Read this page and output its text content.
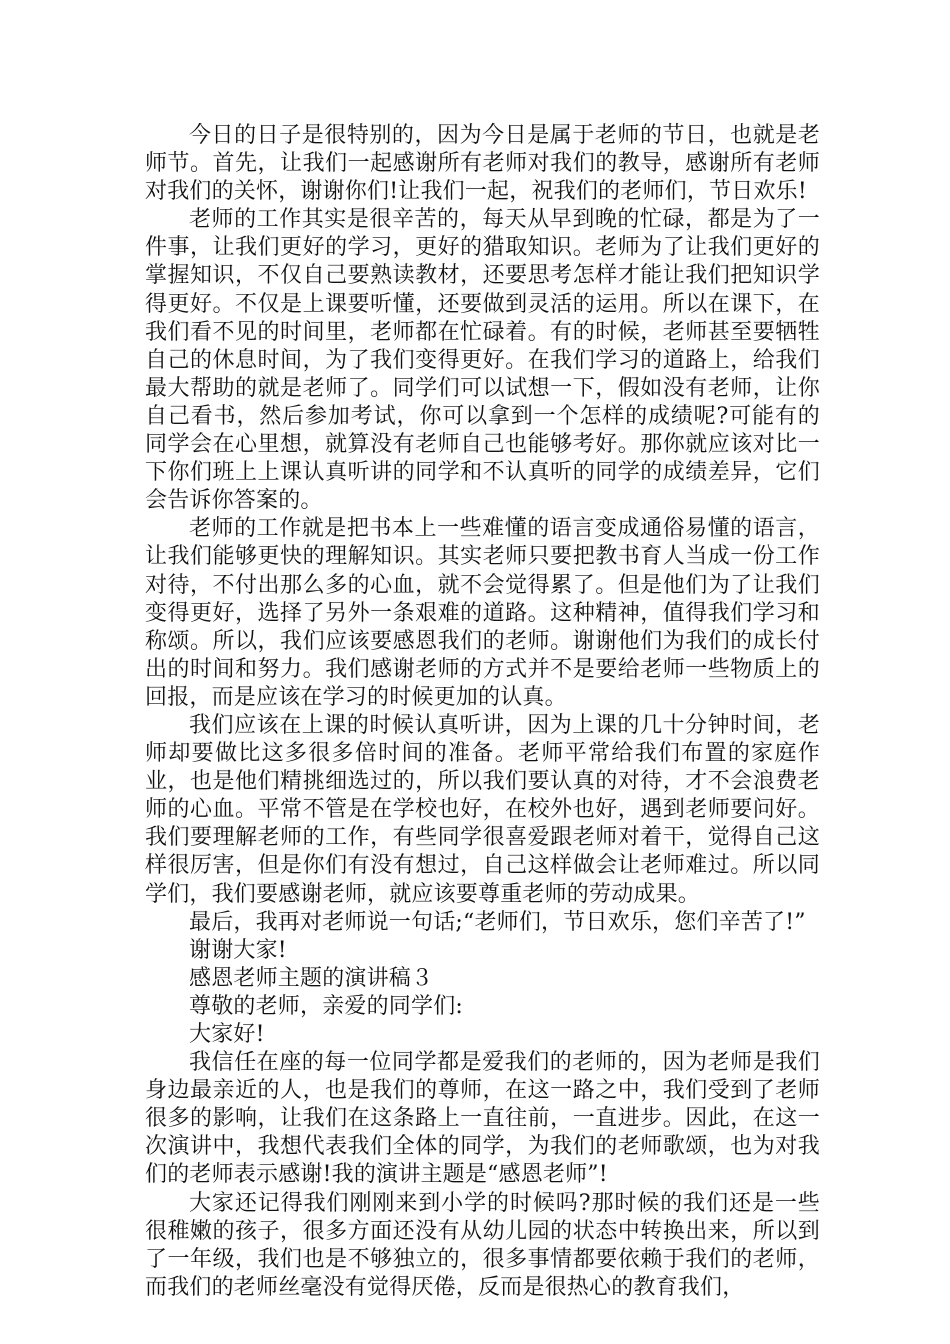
今日的日子是很特别的，因为今日是属于老师的节日，也就是老师节。首先，让我们一起感谢所有老师对我们的教导，感谢所有老师对我们的关怀，谢谢你们!让我们一起，祝我们的老师们，节日欢乐!

老师的工作其实是很辛苦的，每天从早到晚的忙碌，都是为了一件事，让我们更好的学习，更好的猎取知识。老师为了让我们更好的掌握知识，不仅自己要熟读教材，还要思考怎样才能让我们把知识学得更好。不仅是上课要听懂，还要做到灵活的运用。所以在课下，在我们看不见的时间里，老师都在忙碌着。有的时候，老师甚至要牺牲自己的休息时间，为了我们变得更好。在我们学习的道路上，给我们最大帮助的就是老师了。同学们可以试想一下，假如没有老师，让你自己看书，然后参加考试，你可以拿到一个怎样的成绩呢?可能有的同学会在心里想，就算没有老师自己也能够考好。那你就应该对比一下你们班上上课认真听讲的同学和不认真听的同学的成绩差异，它们会告诉你答案的。

老师的工作就是把书本上一些难懂的语言变成通俗易懂的语言，让我们能够更快的理解知识。其实老师只要把教书育人当成一份工作对待，不付出那么多的心血，就不会觉得累了。但是他们为了让我们变得更好，选择了另外一条艰难的道路。这种精神，值得我们学习和称颂。所以，我们应该要感恩我们的老师。谢谢他们为我们的成长付出的时间和努力。我们感谢老师的方式并不是要给老师一些物质上的回报，而是应该在学习的时候更加的认真。

我们应该在上课的时候认真听讲，因为上课的几十分钟时间，老师却要做比这多很多倍时间的准备。老师平常给我们布置的家庭作业，也是他们精挑细选过的，所以我们要认真的对待，才不会浪费老师的心血。平常不管是在学校也好，在校外也好，遇到老师要问好。我们要理解老师的工作，有些同学很喜爱跟老师对着干，觉得自己这样很厉害，但是你们有没有想过，自己这样做会让老师难过。所以同学们，我们要感谢老师，就应该要尊重老师的劳动成果。

最后，我再对老师说一句话;“老师们，节日欢乐，您们辛苦了!”

谢谢大家!

感恩老师主题的演讲稿３

尊敬的老师，亲爱的同学们:

大家好!

我信任在座的每一位同学都是爱我们的老师的，因为老师是我们身边最亲近的人，也是我们的尊师，在这一路之中，我们受到了老师很多的影响，让我们在这条路上一直往前，一直进步。因此，在这一次演讲中，我想代表我们全体的同学，为我们的老师歌颂，也为对我们的老师表示感谢!我的演讲主题是“感恩老师”!

大家还记得我们刚刚来到小学的时候吗?那时候的我们还是一些很稚嫩的孩子，很多方面还没有从幼儿园的状态中转换出来，所以到了一年级，我们也是不够独立的，很多事情都要依赖于我们的老师，而我们的老师丝毫没有觉得厌倦，反而是很热心的教育我们，
